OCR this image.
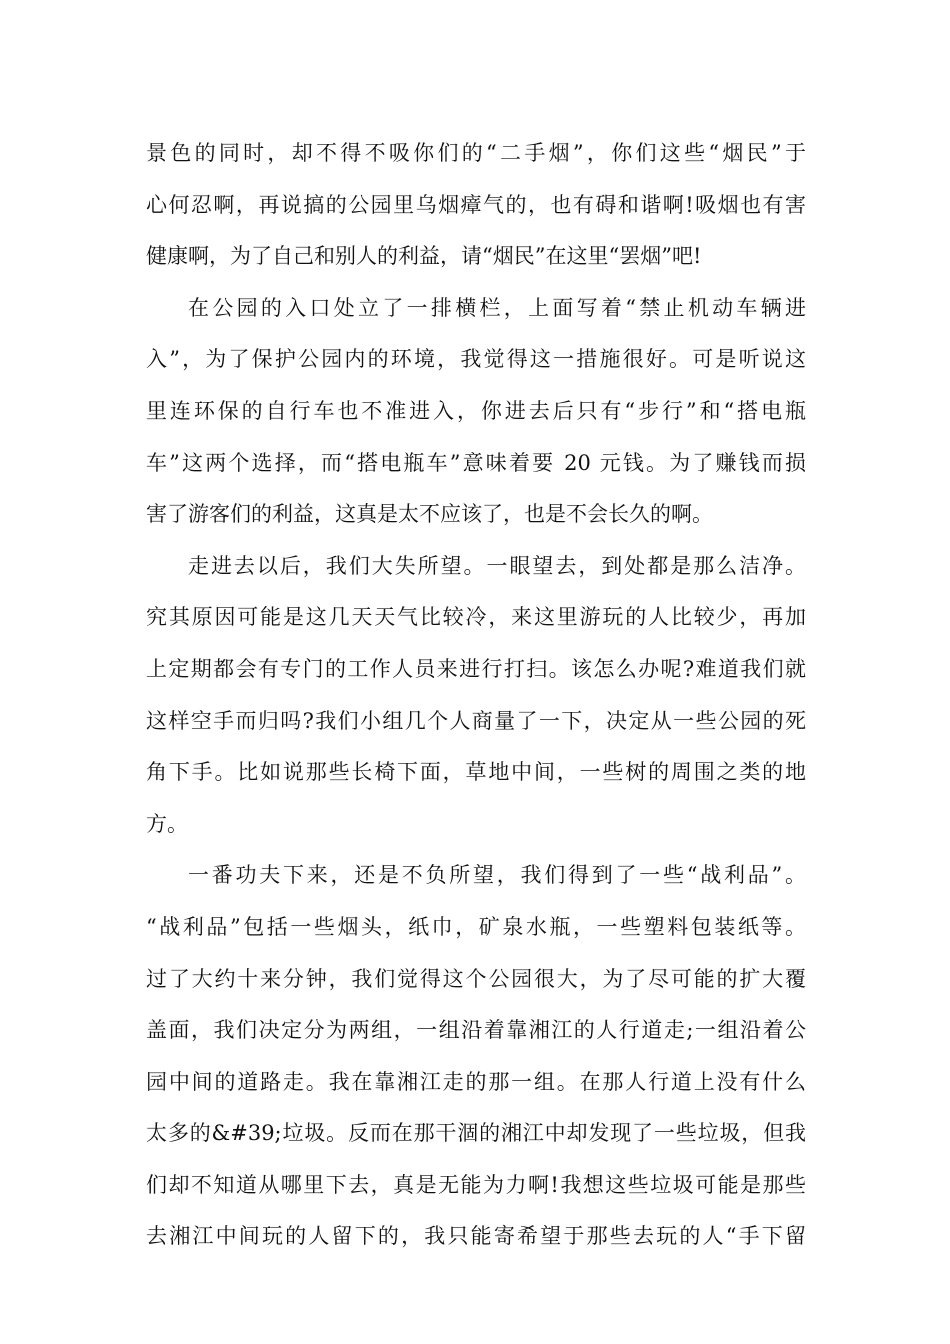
景色的同时，却不得不吸你们的“二手烟”，你们这些“烟民”于
心何忍啊，再说搞的公园里乌烟瘴气的，也有碍和谐啊!吸烟也有害
健康啊，为了自己和别人的利益，请“烟民”在这里“罢烟”吧!
在公园的入口处立了一排横栏，上面写着“禁止机动车辆进
入”，为了保护公园内的环境，我觉得这一措施很好。可是听说这
里连环保的自行车也不准进入，你进去后只有“步行”和“搭电瓶
车”这两个选择，而“搭电瓶车”意味着要 20 元钱。为了赚钱而损
害了游客们的利益，这真是太不应该了，也是不会长久的啊。
走进去以后，我们大失所望。一眼望去，到处都是那么洁净。
究其原因可能是这几天天气比较冷，来这里游玩的人比较少，再加
上定期都会有专门的工作人员来进行打扫。该怎么办呢?难道我们就
这样空手而归吗?我们小组几个人商量了一下，决定从一些公园的死
角下手。比如说那些长椅下面，草地中间，一些树的周围之类的地
方。
一番功夫下来，还是不负所望，我们得到了一些“战利品”。
“战利品”包括一些烟头，纸巾，矿泉水瓶，一些塑料包装纸等。
过了大约十来分钟，我们觉得这个公园很大，为了尽可能的扩大覆
盖面，我们决定分为两组，一组沿着靠湘江的人行道走;一组沿着公
园中间的道路走。我在靠湘江走的那一组。在那人行道上没有什么
太多的&#39;垃圾。反而在那干涸的湘江中却发现了一些垃圾，但我
们却不知道从哪里下去，真是无能为力啊!我想这些垃圾可能是那些
去湘江中间玩的人留下的，我只能寄希望于那些去玩的人“手下留
